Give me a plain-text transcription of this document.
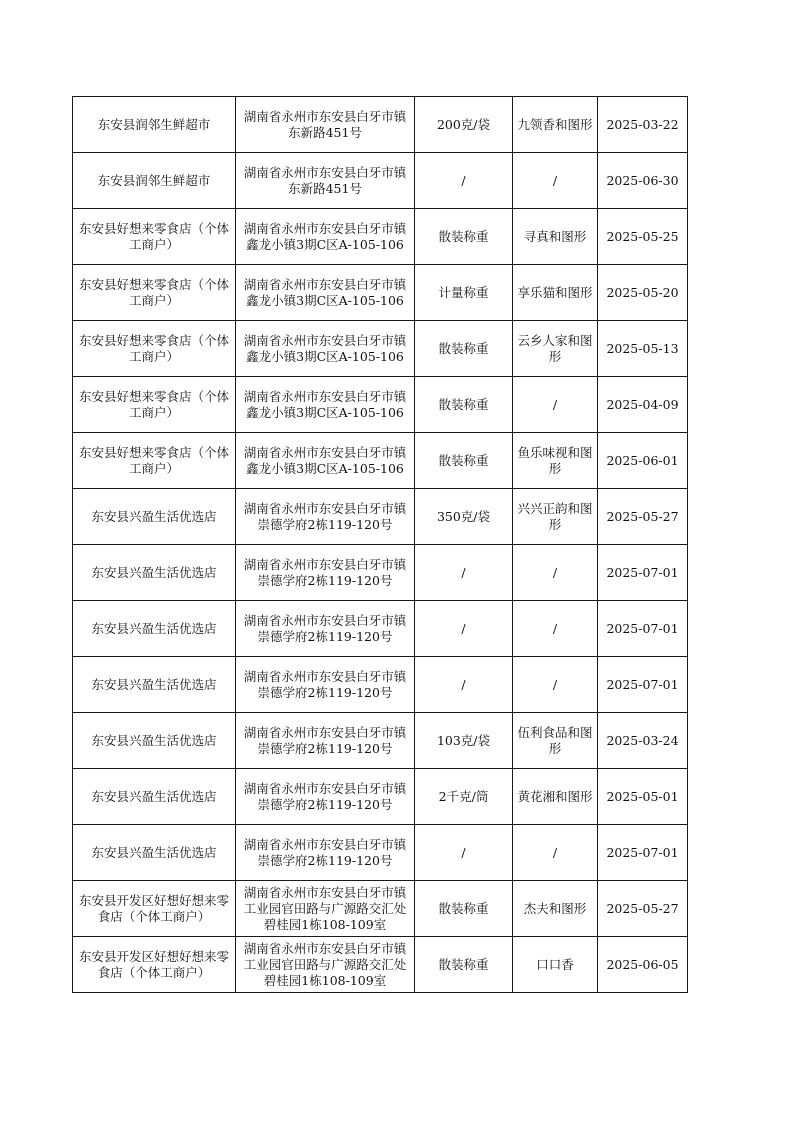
东安县润邻生鲜超市	湖南省永州市东安县白牙市镇东新路451号	200克/袋	九领香和图形	2025-03-22
东安县润邻生鲜超市	湖南省永州市东安县白牙市镇东新路451号	/	/	2025-06-30
东安县好想来零食店（个体工商户）	湖南省永州市东安县白牙市镇鑫龙小镇3期C区A-105-106	散装称重	寻真和图形	2025-05-25
东安县好想来零食店（个体工商户）	湖南省永州市东安县白牙市镇鑫龙小镇3期C区A-105-106	计量称重	享乐猫和图形	2025-05-20
东安县好想来零食店（个体工商户）	湖南省永州市东安县白牙市镇鑫龙小镇3期C区A-105-106	散装称重	云乡人家和图形	2025-05-13
东安县好想来零食店（个体工商户）	湖南省永州市东安县白牙市镇鑫龙小镇3期C区A-105-106	散装称重	/	2025-04-09
东安县好想来零食店（个体工商户）	湖南省永州市东安县白牙市镇鑫龙小镇3期C区A-105-106	散装称重	鱼乐味视和图形	2025-06-01
东安县兴盈生活优选店	湖南省永州市东安县白牙市镇崇德学府2栋119-120号	350克/袋	兴兴正韵和图形	2025-05-27
东安县兴盈生活优选店	湖南省永州市东安县白牙市镇崇德学府2栋119-120号	/	/	2025-07-01
东安县兴盈生活优选店	湖南省永州市东安县白牙市镇崇德学府2栋119-120号	/	/	2025-07-01
东安县兴盈生活优选店	湖南省永州市东安县白牙市镇崇德学府2栋119-120号	/	/	2025-07-01
东安县兴盈生活优选店	湖南省永州市东安县白牙市镇崇德学府2栋119-120号	103克/袋	伍利食品和图形	2025-03-24
东安县兴盈生活优选店	湖南省永州市东安县白牙市镇崇德学府2栋119-120号	2千克/筒	黄花湘和图形	2025-05-01
东安县兴盈生活优选店	湖南省永州市东安县白牙市镇崇德学府2栋119-120号	/	/	2025-07-01
东安县开发区好想好想来零食店（个体工商户）	湖南省永州市东安县白牙市镇工业园官田路与广源路交汇处碧桂园1栋108-109室	散装称重	杰夫和图形	2025-05-27
东安县开发区好想好想来零食店（个体工商户）	湖南省永州市东安县白牙市镇工业园官田路与广源路交汇处碧桂园1栋108-109室	散装称重	口口香	2025-06-05
